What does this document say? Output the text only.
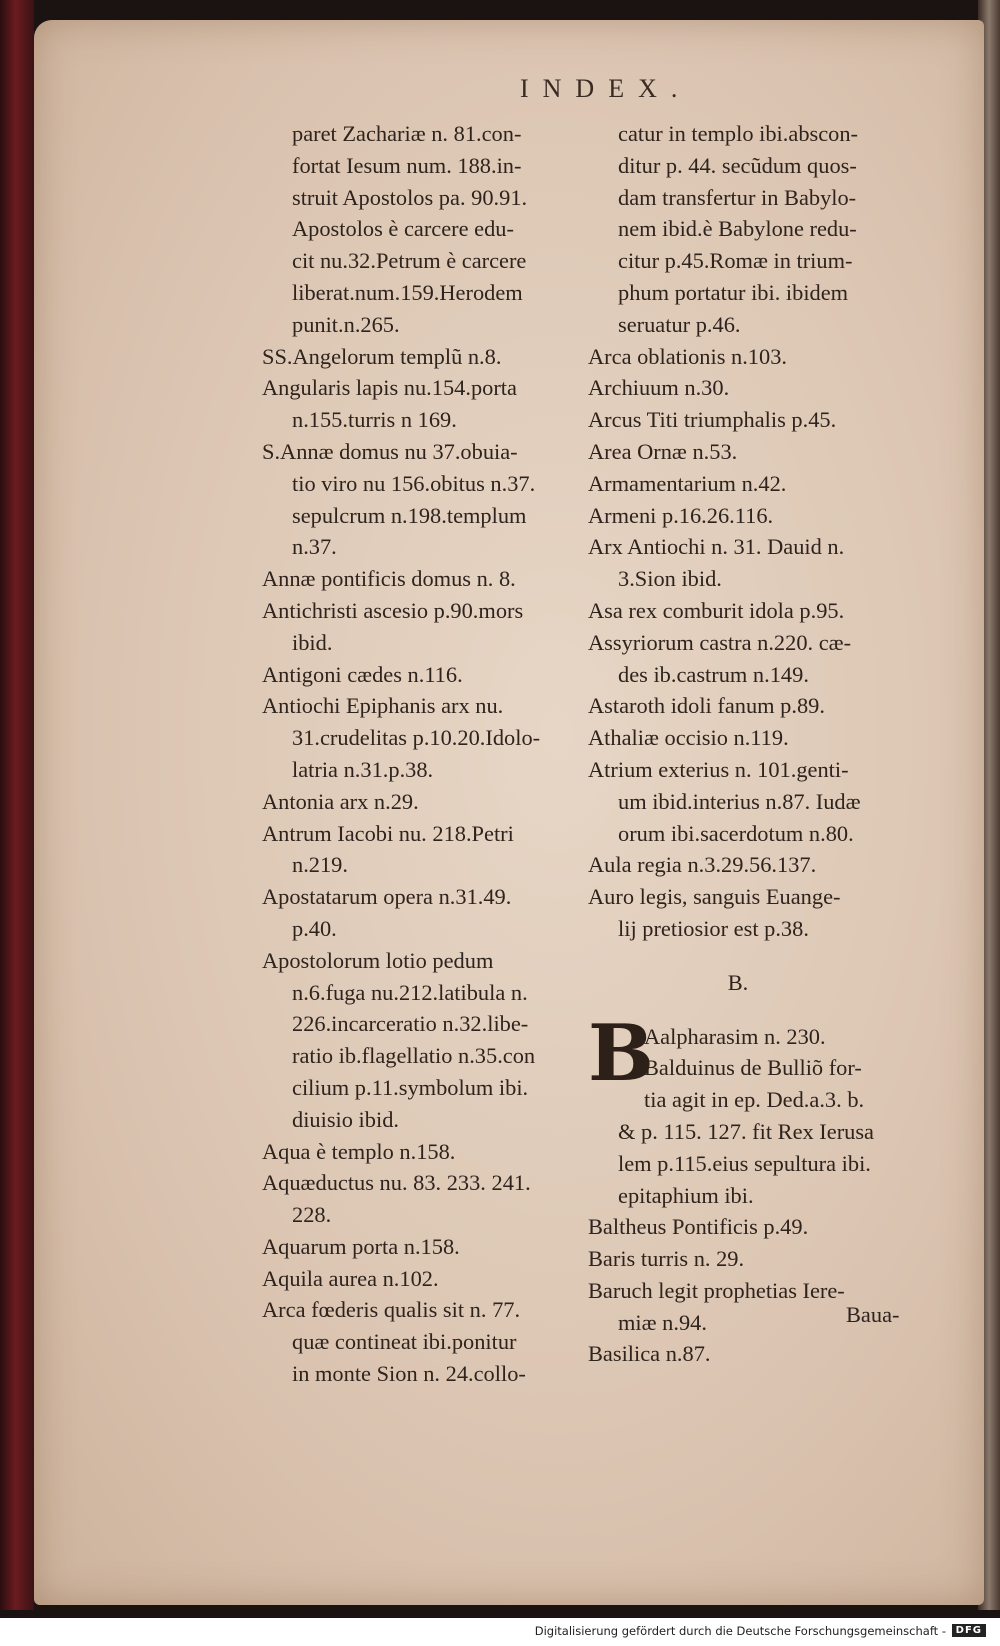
INDEX.
paret Zachariæ n. 81.con-
fortat Iesum num. 188.in-
struit Apostolos pa. 90.91.
Apostolos è carcere edu-
cit nu.32.Petrum è carcere
liberat.num.159.Herodem
punit.n.265.
SS.Angelorum templũ n.8.
Angularis lapis nu.154.porta
n.155.turris n 169.
S.Annæ domus nu 37.obuia-
tio viro nu 156.obitus n.37.
sepulcrum n.198.templum
n.37.
Annæ pontificis domus n. 8.
Antichristi ascesio p.90.mors
ibid.
Antigoni cædes n.116.
Antiochi Epiphanis arx nu.
31.crudelitas p.10.20.Idolo-
latria n.31.p.38.
Antonia arx n.29.
Antrum Iacobi nu. 218.Petri
n.219.
Apostatarum opera n.31.49.
p.40.
Apostolorum lotio pedum
n.6.fuga nu.212.latibula n.
226.incarceratio n.32.libe-
ratio ib.flagellatio n.35.con
cilium p.11.symbolum ibi.
diuisio ibid.
Aqua è templo n.158.
Aquæductus nu. 83. 233. 241.
228.
Aquarum porta n.158.
Aquila aurea n.102.
Arca fœderis qualis sit n. 77.
quæ contineat ibi.ponitur
in monte Sion n. 24.collo-
catur in templo ibi.abscon-
ditur p. 44. secũdum quos-
dam transfertur in Babylo-
nem ibid.è Babylone redu-
citur p.45.Romæ in trium-
phum portatur ibi. ibidem
seruatur p.46.
Arca oblationis n.103.
Archiuum n.30.
Arcus Titi triumphalis p.45.
Area Ornæ n.53.
Armamentarium n.42.
Armeni p.16.26.116.
Arx Antiochi n. 31. Dauid n.
3.Sion ibid.
Asa rex comburit idola p.95.
Assyriorum castra n.220. cæ-
des ib.castrum n.149.
Astaroth idoli fanum p.89.
Athaliæ occisio n.119.
Atrium exterius n. 101.genti-
um ibid.interius n.87. Iudæ
orum ibi.sacerdotum n.80.
Aula regia n.3.29.56.137.
Auro legis, sanguis Euange-
lij pretiosior est p.38.
B.
B
Aalpharasim n. 230.
Balduinus de Bulliõ for-
tia agit in ep. Ded.a.3. b.
& p. 115. 127. fit Rex Ierusa
lem p.115.eius sepultura ibi.
epitaphium ibi.
Baltheus Pontificis p.49.
Baris turris n. 29.
Baruch legit prophetias Iere-
miæ n.94.
Basilica n.87.
Baua-
Digitalisierung gefördert durch die Deutsche Forschungsgemeinschaft - DFG
